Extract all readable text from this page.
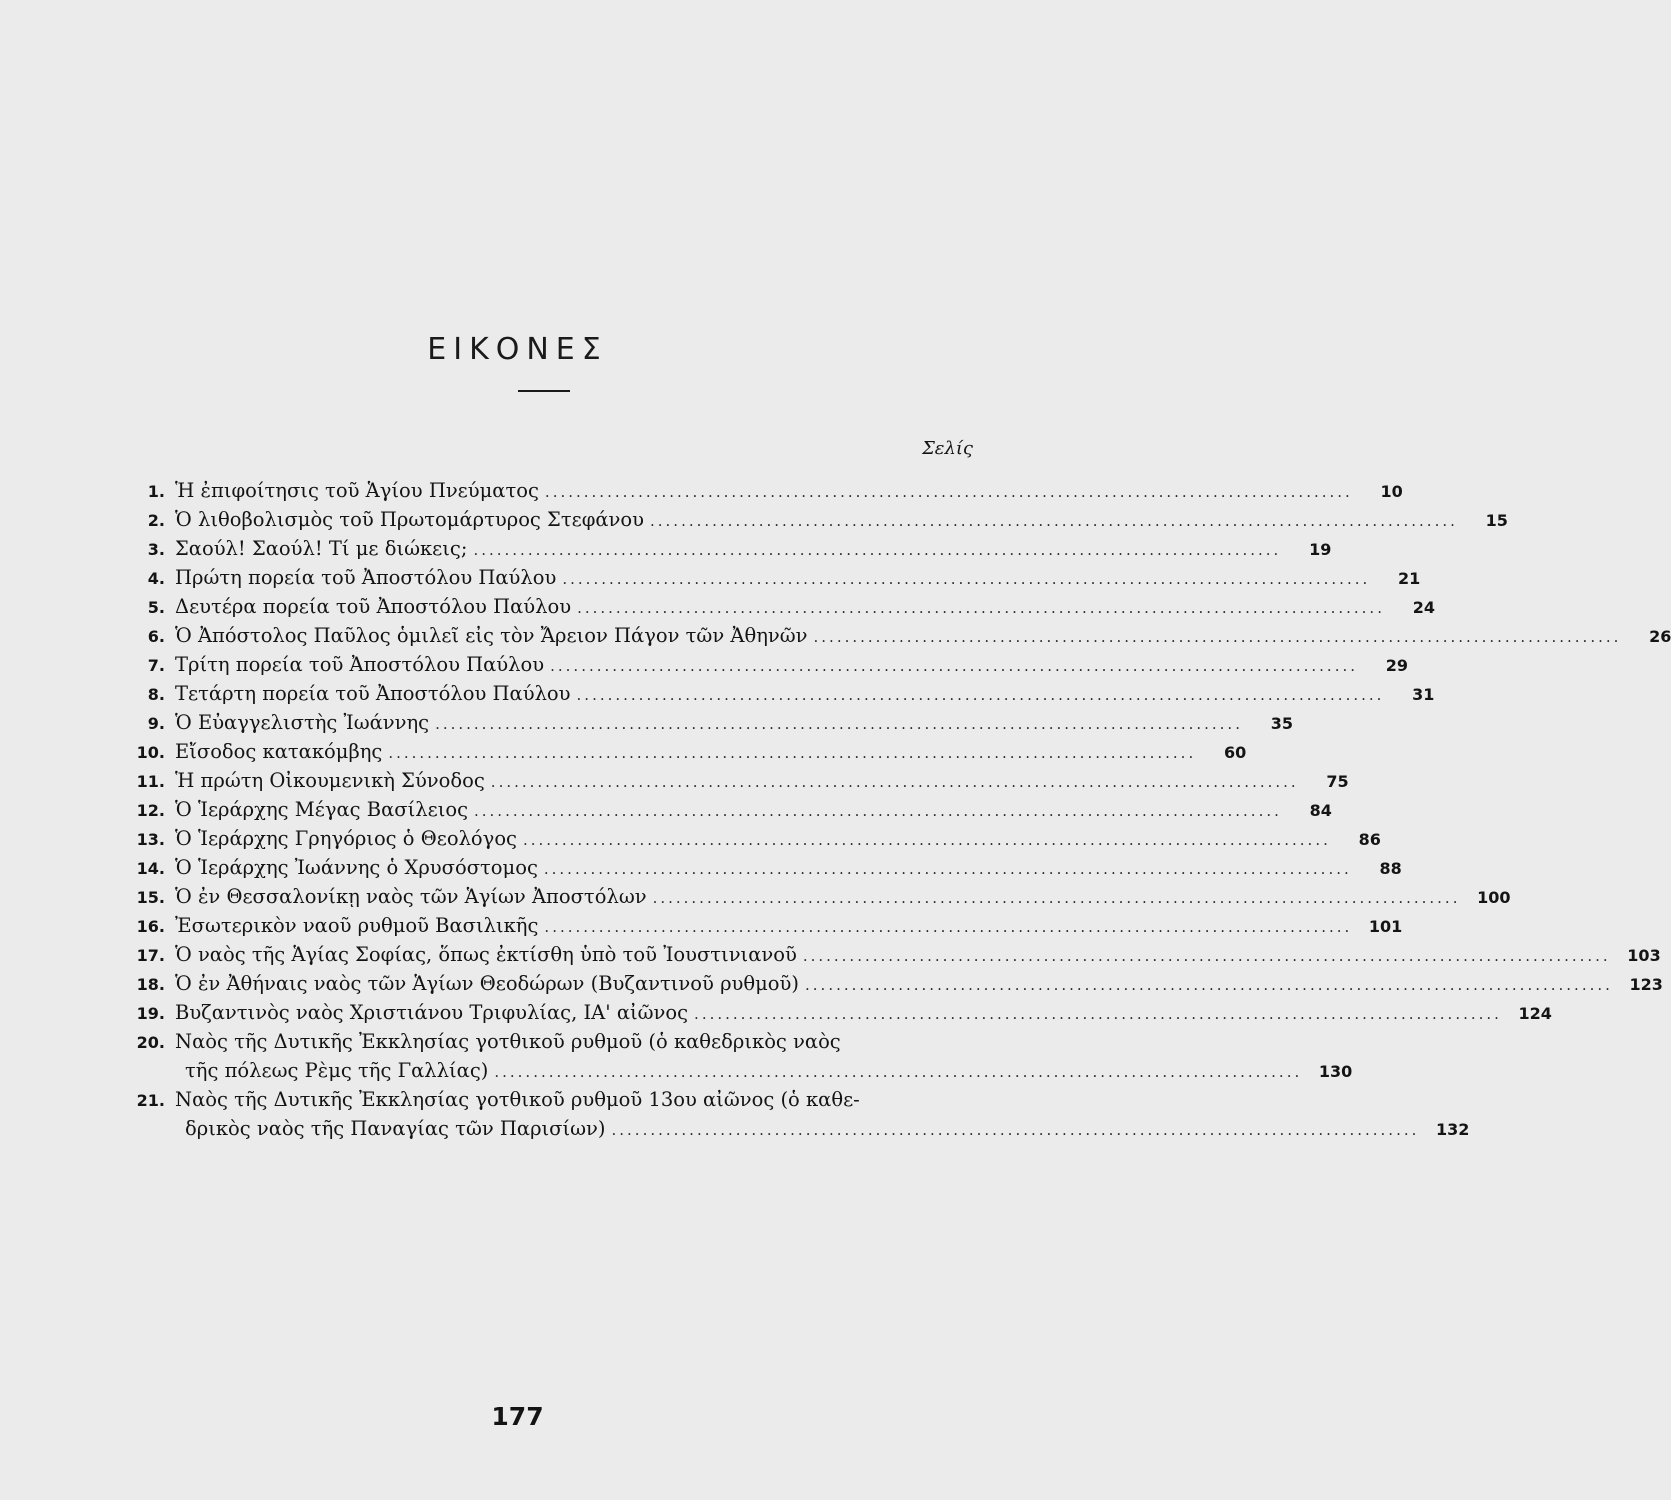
ΕΙΚΟΝΕΣ
Σελίς
1. Ἡ ἐπιφοίτησις τοῦ Ἁγίου Πνεύματος ........................................................................................................	10
2. Ὁ λιθοβολισμὸς τοῦ Πρωτομάρτυρος Στεφάνου ........................................................................................................	15
3. Σαούλ! Σαούλ! Τί με διώκεις; ........................................................................................................	19
4. Πρώτη πορεία τοῦ Ἀποστόλου Παύλου ........................................................................................................	21
5. Δευτέρα πορεία τοῦ Ἀποστόλου Παύλου ........................................................................................................	24
6. Ὁ Ἀπόστολος Παῦλος ὁμιλεῖ εἰς τὸν Ἄρειον Πάγον τῶν Ἀθηνῶν ........................................................................................................	26
7. Τρίτη πορεία τοῦ Ἀποστόλου Παύλου ........................................................................................................	29
8. Τετάρτη πορεία τοῦ Ἀποστόλου Παύλου ........................................................................................................	31
9. Ὁ Εὐαγγελιστὴς Ἰωάννης ........................................................................................................	35
10. Εἴσοδος κατακόμβης ........................................................................................................	60
11. Ἡ πρώτη Οἰκουμενικὴ Σύνοδος ........................................................................................................	75
12. Ὁ Ἱεράρχης Μέγας Βασίλειος ........................................................................................................	84
13. Ὁ Ἱεράρχης Γρηγόριος ὁ Θεολόγος ........................................................................................................	86
14. Ὁ Ἱεράρχης Ἰωάννης ὁ Χρυσόστομος ........................................................................................................	88
15. Ὁ ἐν Θεσσαλονίκῃ ναὸς τῶν Ἁγίων Ἀποστόλων ........................................................................................................	100
16. Ἐσωτερικὸν ναοῦ ρυθμοῦ Βασιλικῆς ........................................................................................................	101
17. Ὁ ναὸς τῆς Ἁγίας Σοφίας, ὅπως ἐκτίσθη ὑπὸ τοῦ Ἰουστινιανοῦ ........................................................................................................	103
18. Ὁ ἐν Ἀθήναις ναὸς τῶν Ἁγίων Θεοδώρων (Βυζαντινοῦ ρυθμοῦ) ........................................................................................................	123
19. Βυζαντινὸς ναὸς Χριστιάνου Τριφυλίας, ΙΑ' αἰῶνος ........................................................................................................	124
20. Ναὸς τῆς Δυτικῆς Ἐκκλησίας γοτθικοῦ ρυθμοῦ (ὁ καθεδρικὸς ναὸς
τῆς πόλεως Ρὲμς τῆς Γαλλίας) ........................................................................................................	130
21. Ναὸς τῆς Δυτικῆς Ἐκκλησίας γοτθικοῦ ρυθμοῦ 13ου αἰῶνος (ὁ καθε-
δρικὸς ναὸς τῆς Παναγίας τῶν Παρισίων) ........................................................................................................	132
177
